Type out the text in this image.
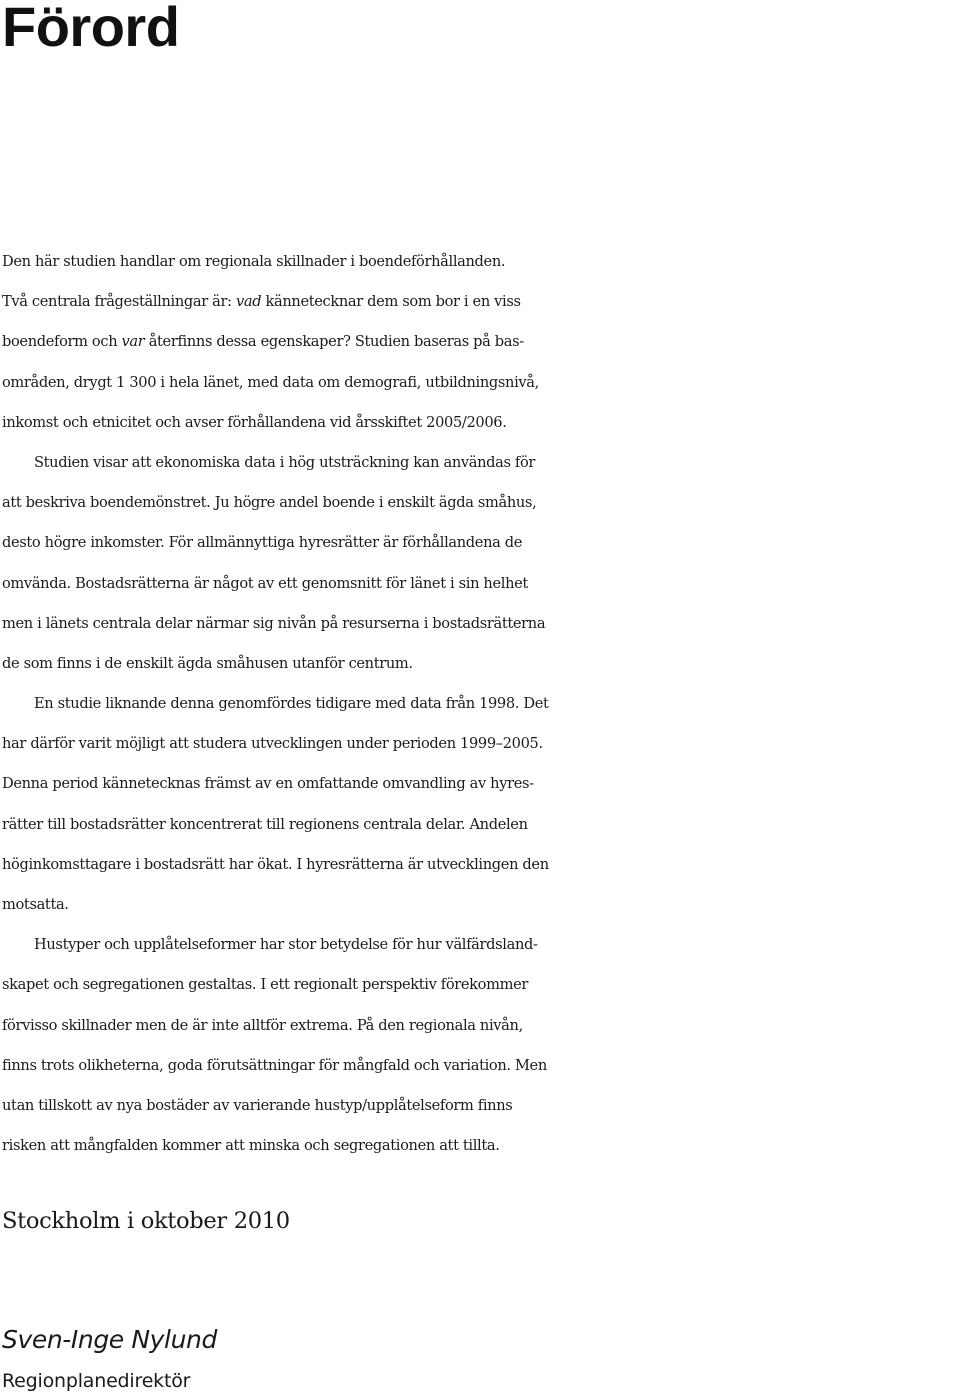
Förord
Den här studien handlar om regionala skillnader i boendeförhållanden.
Två centrala frågeställningar är: vad kännetecknar dem som bor i en viss
boendeform och var återfinns dessa egenskaper? Studien baseras på bas-
områden, drygt 1 300 i hela länet, med data om demografi, utbildningsnivå,
inkomst och etnicitet och avser förhållandena vid årsskiftet 2005/2006.
Studien visar att ekonomiska data i hög utsträckning kan användas för
att beskriva boendemönstret. Ju högre andel boende i enskilt ägda småhus,
desto högre inkomster. För allmännyttiga hyresrätter är förhållandena de
omvända. Bostadsrätterna är något av ett genomsnitt för länet i sin helhet
men i länets centrala delar närmar sig nivån på resurserna i bostadsrätterna
de som finns i de enskilt ägda småhusen utanför centrum.
En studie liknande denna genomfördes tidigare med data från 1998. Det
har därför varit möjligt att studera utvecklingen under perioden 1999–2005.
Denna period kännetecknas främst av en omfattande omvandling av hyres-
rätter till bostadsrätter koncentrerat till regionens centrala delar. Andelen
höginkomsttagare i bostadsrätt har ökat. I hyresrätterna är utvecklingen den
motsatta.
Hustyper och upplåtelseformer har stor betydelse för hur välfärdsland-
skapet och segregationen gestaltas. I ett regionalt perspektiv förekommer
förvisso skillnader men de är inte alltför extrema. På den regionala nivån,
finns trots olikheterna, goda förutsättningar för mångfald och variation. Men
utan tillskott av nya bostäder av varierande hustyp/upplåtelseform finns
risken att mångfalden kommer att minska och segregationen att tillta.
Stockholm i oktober 2010
Sven-Inge Nylund
Regionplanedirektör
